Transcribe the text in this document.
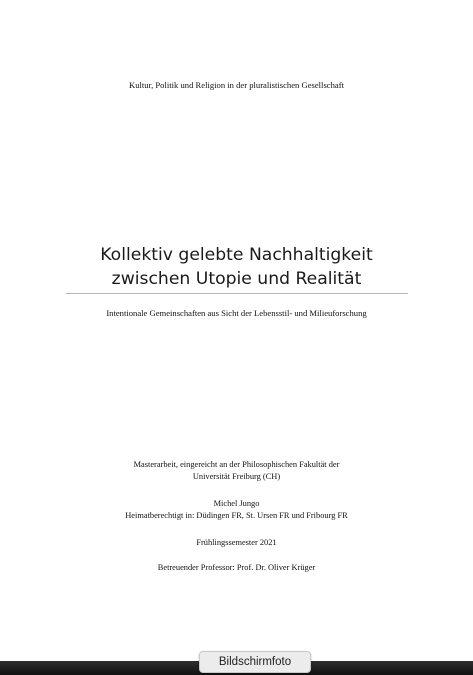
Kultur, Politik und Religion in der pluralistischen Gesellschaft
Kollektiv gelebte Nachhaltigkeit
zwischen Utopie und Realität
Intentionale Gemeinschaften aus Sicht der Lebensstil- und Milieuforschung
Masterarbeit, eingereicht an der Philosophischen Fakultät der
Universität Freiburg (CH)
Michel Jungo
Heimatberechtigt in: Düdingen FR, St. Ursen FR und Fribourg FR
Frühlingssemester 2021
Betreuender Professor: Prof. Dr. Oliver Krüger
Bildschirmfoto
